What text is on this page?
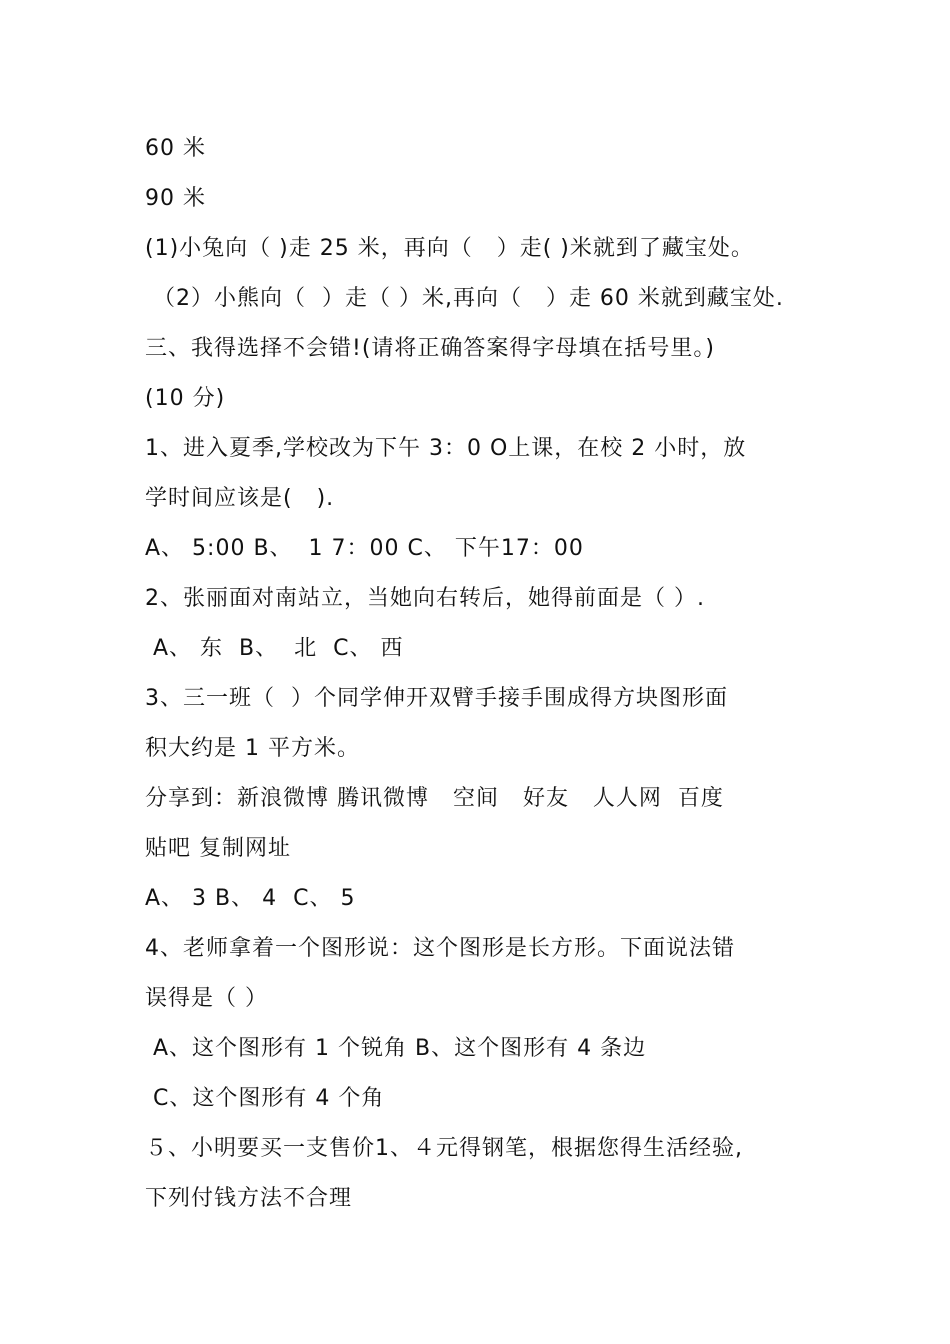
60 米
90 米
(1)小兔向（ )走 25 米，再向（   ）走( )米就到了藏宝处。
（2）小熊向（  ）走（ ）米,再向（   ）走 60 米就到藏宝处.
三、我得选择不会错!(请将正确答案得字母填在括号里。)
(10 分)
1、进入夏季,学校改为下午 3：0 O上课，在校 2 小时，放
学时间应该是(   ).
A、 5:00 B、  1 7：00 C、 下午17：00
2、张丽面对南站立，当她向右转后，她得前面是（ ）.
A、 东  B、  北  C、 西
3、三一班（  ）个同学伸开双臂手接手围成得方块图形面
积大约是 1 平方米。
分享到：新浪微博 腾讯微博   空间   好友   人人网  百度
贴吧 复制网址
A、 3 B、 4  C、 5
4、老师拿着一个图形说：这个图形是长方形。下面说法错
误得是（ ）
A、这个图形有 1 个锐角 B、这个图形有 4 条边
C、这个图形有 4 个角
５、小明要买一支售价1、４元得钢笔，根据您得生活经验,
下列付钱方法不合理
